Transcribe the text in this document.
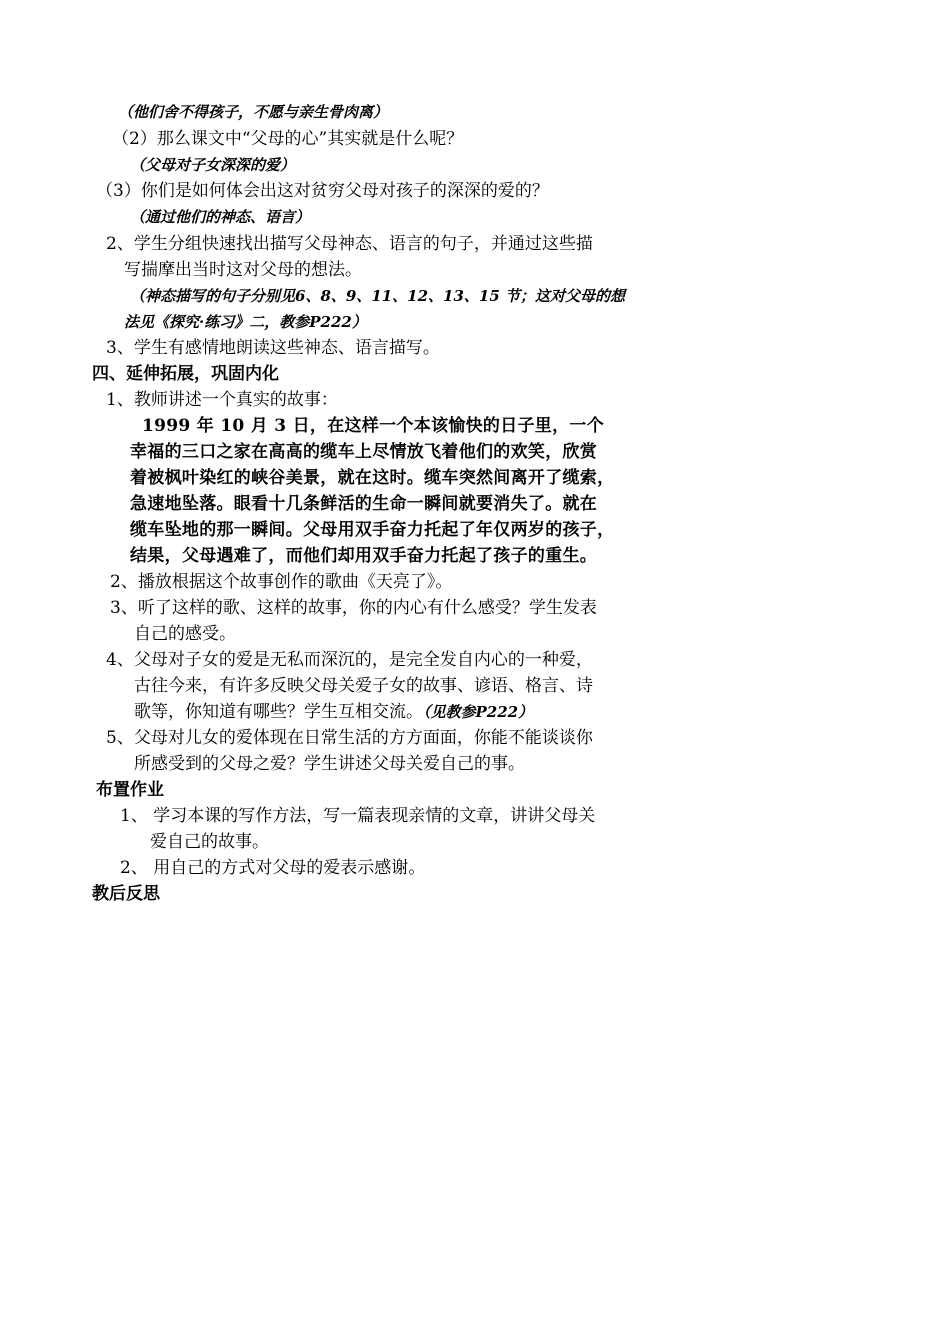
（他们舍不得孩子，不愿与亲生骨肉离）
（2）那么课文中“父母的心”其实就是什么呢？
（父母对子女深深的爱）
（3）你们是如何体会出这对贫穷父母对孩子的深深的爱的？
（通过他们的神态、语言）
2、学生分组快速找出描写父母神态、语言的句子，并通过这些描
写揣摩出当时这对父母的想法。
（神态描写的句子分别见6、8、9、11、12、13、15 节；这对父母的想
法见《探究·练习》二，教参P222）
3、学生有感情地朗读这些神态、语言描写。
四、延伸拓展，巩固内化
1、教师讲述一个真实的故事：
1999 年 10 月 3 日，在这样一个本该愉快的日子里，一个
幸福的三口之家在高高的缆车上尽情放飞着他们的欢笑，欣赏
着被枫叶染红的峡谷美景，就在这时。缆车突然间离开了缆索，
急速地坠落。眼看十几条鲜活的生命一瞬间就要消失了。就在
缆车坠地的那一瞬间。父母用双手奋力托起了年仅两岁的孩子，
结果，父母遇难了，而他们却用双手奋力托起了孩子的重生。
2、播放根据这个故事创作的歌曲《天亮了》。
3、听了这样的歌、这样的故事，你的内心有什么感受？学生发表
自己的感受。
4、父母对子女的爱是无私而深沉的，是完全发自内心的一种爱，
古往今来，有许多反映父母关爱子女的故事、谚语、格言、诗
歌等，你知道有哪些？学生互相交流。（见教参P222）
5、父母对儿女的爱体现在日常生活的方方面面，你能不能谈谈你
所感受到的父母之爱？学生讲述父母关爱自己的事。
布置作业
1、 学习本课的写作方法，写一篇表现亲情的文章，讲讲父母关
爱自己的故事。
2、 用自己的方式对父母的爱表示感谢。
教后反思
